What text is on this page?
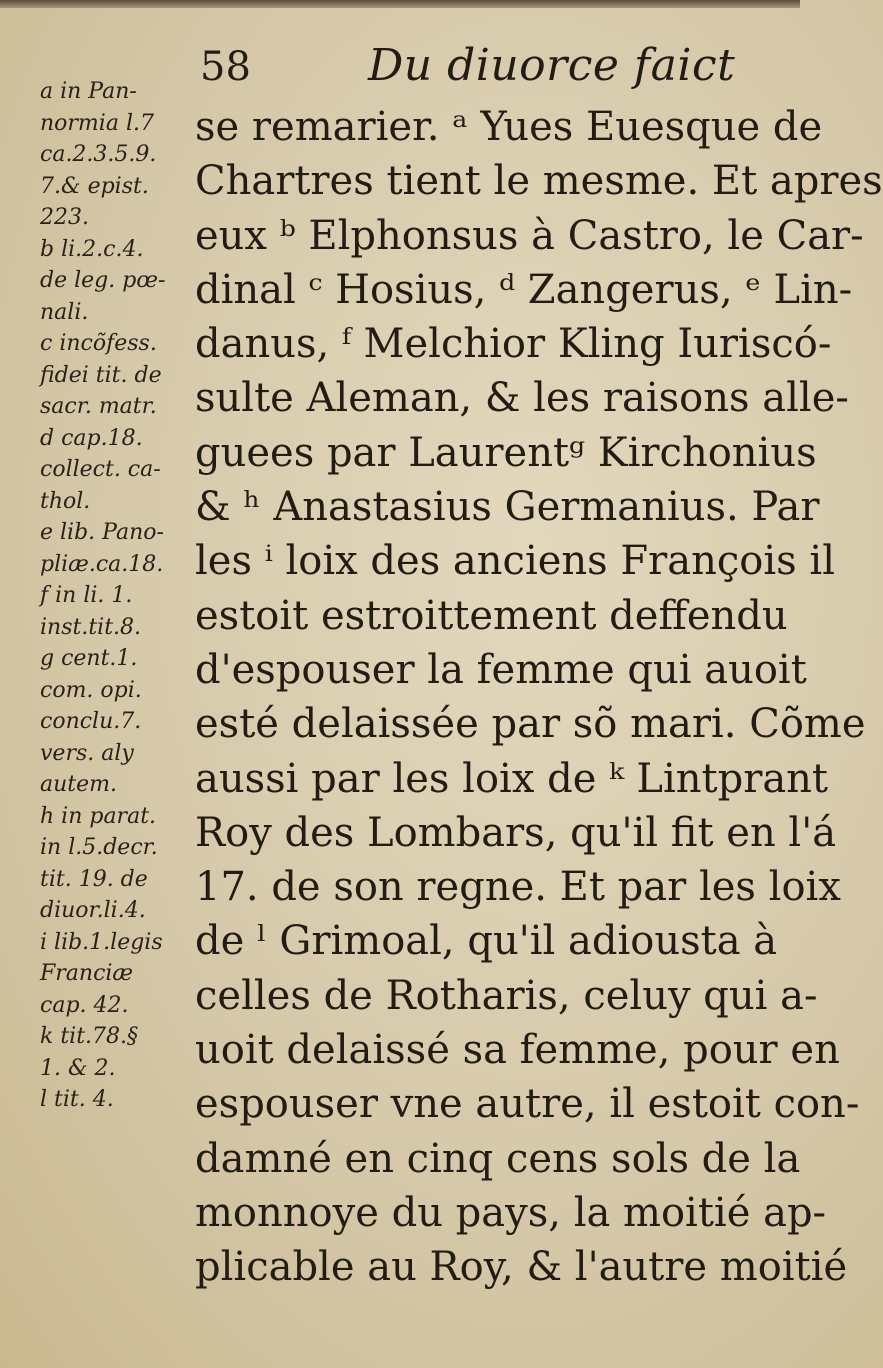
58	Du diuorce faict
a in Pan-
normia l.7
ca.2.3.5.9.
7.& epist.
223.
b li.2.c.4.
de leg. pœ-
nali.
c incõfess.
fidei tit. de
sacr. matr.
d cap.18.
collect. ca-
thol.
e lib. Pano-
pliæ.ca.18.
f in li. 1.
inst.tit.8.
g cent.1.
com. opi.
conclu.7.
vers. aly
autem.
h in parat.
in l.5.decr.
tit. 19. de
diuor.li.4.
i lib.1.legis
Franciæ
cap. 42.
k tit.78.§
1. & 2.
l tit. 4.
se remarier. ᵃ Yues Euesque de
Chartres tient le mesme. Et apres
eux ᵇ Elphonsus à Castro, le Car-
dinal ᶜ Hosius, ᵈ Zangerus, ᵉ Lin-
danus, ᶠ Melchior Kling Iuriscó-
sulte Aleman, & les raisons alle-
guees par Laurentᵍ Kirchonius
& ʰ Anastasius Germanius. Par
les ⁱ loix des anciens François il
estoit estroittement deffendu
d'espouser la femme qui auoit
esté delaissée par sõ mari. Cõme
aussi par les loix de ᵏ Lintprant
Roy des Lombars, qu'il fit en l'á
17. de son regne. Et par les loix
de ˡ Grimoal, qu'il adiousta à
celles de Rotharis, celuy qui a-
uoit delaissé sa femme, pour en
espouser vne autre, il estoit con-
damné en cinq cens sols de la
monnoye du pays, la moitié ap-
plicable au Roy, & l'autre moitié
